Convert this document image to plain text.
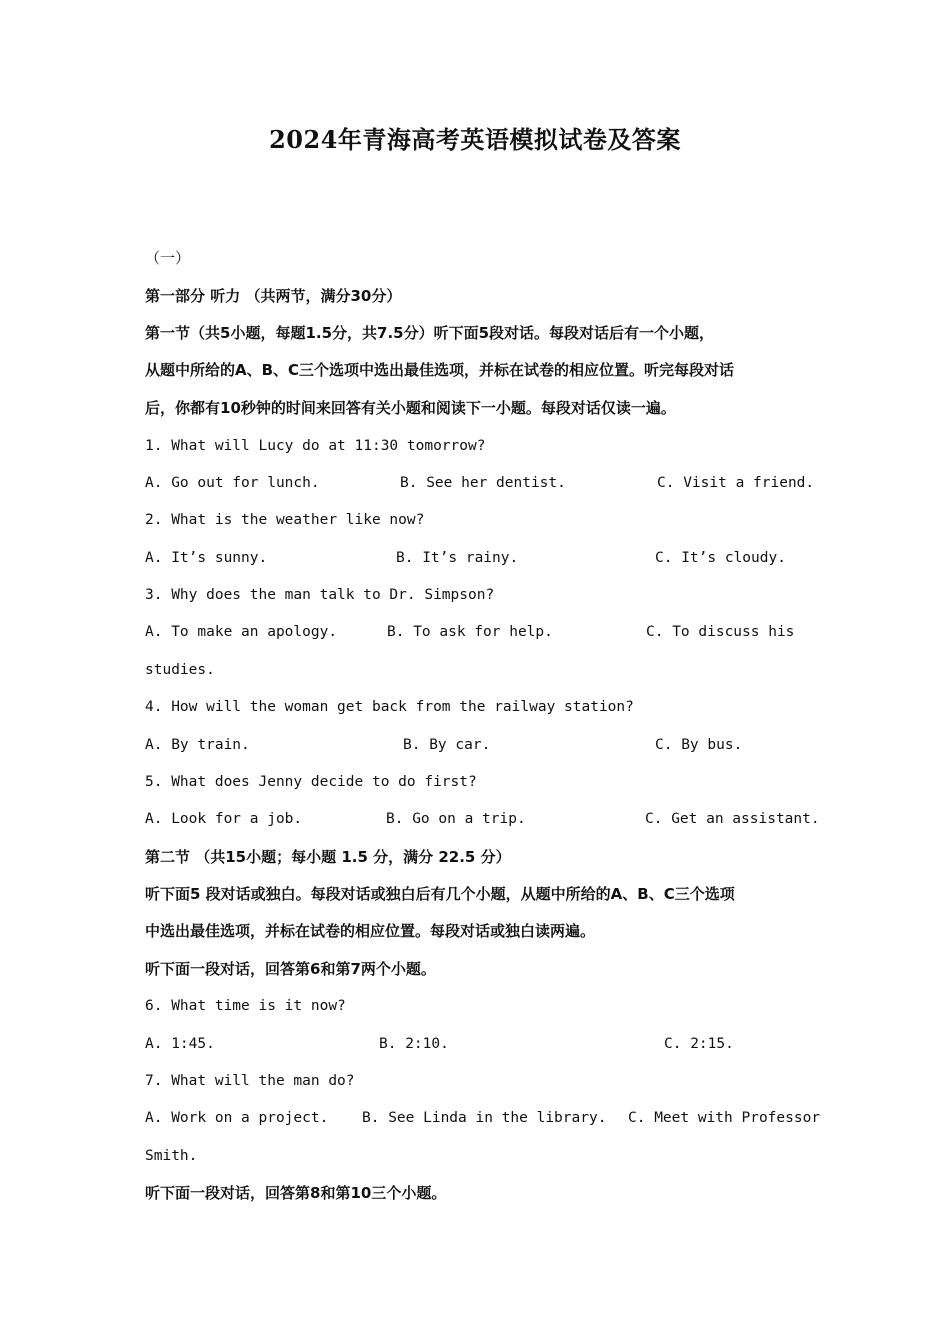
2024年青海高考英语模拟试卷及答案
（一）
第一部分 听力 （共两节，满分30分）
第一节（共5小题，每题1.5分，共7.5分）听下面5段对话。每段对话后有一个小题，
从题中所给的A、B、C三个选项中选出最佳选项，并标在试卷的相应位置。听完每段对话
后，你都有10秒钟的时间来回答有关小题和阅读下一小题。每段对话仅读一遍。
1. What will Lucy do at 11:30 tomorrow?
A. Go out for lunch.	B. See her dentist.	C. Visit a friend.
2. What is the weather like now?
A. It’s sunny.	B. It’s rainy.	C. It’s cloudy.
3. Why does the man talk to Dr. Simpson?
A. To make an apology.	B. To ask for help.	C. To discuss his
studies.
4. How will the woman get back from the railway station?
A. By train.	B. By car.	C. By bus.
5. What does Jenny decide to do first?
A. Look for a job.	B. Go on a trip.	C. Get an assistant.
第二节 （共15小题；每小题 1.5 分，满分 22.5 分）
听下面5 段对话或独白。每段对话或独白后有几个小题，从题中所给的A、B、C三个选项
中选出最佳选项，并标在试卷的相应位置。每段对话或独白读两遍。
听下面一段对话，回答第6和第7两个小题。
6. What time is it now?
A. 1:45.	B. 2:10.	C. 2:15.
7. What will the man do?
A. Work on a project. B. See Linda in the library. C. Meet with Professor
Smith.
听下面一段对话，回答第8和第10三个小题。
